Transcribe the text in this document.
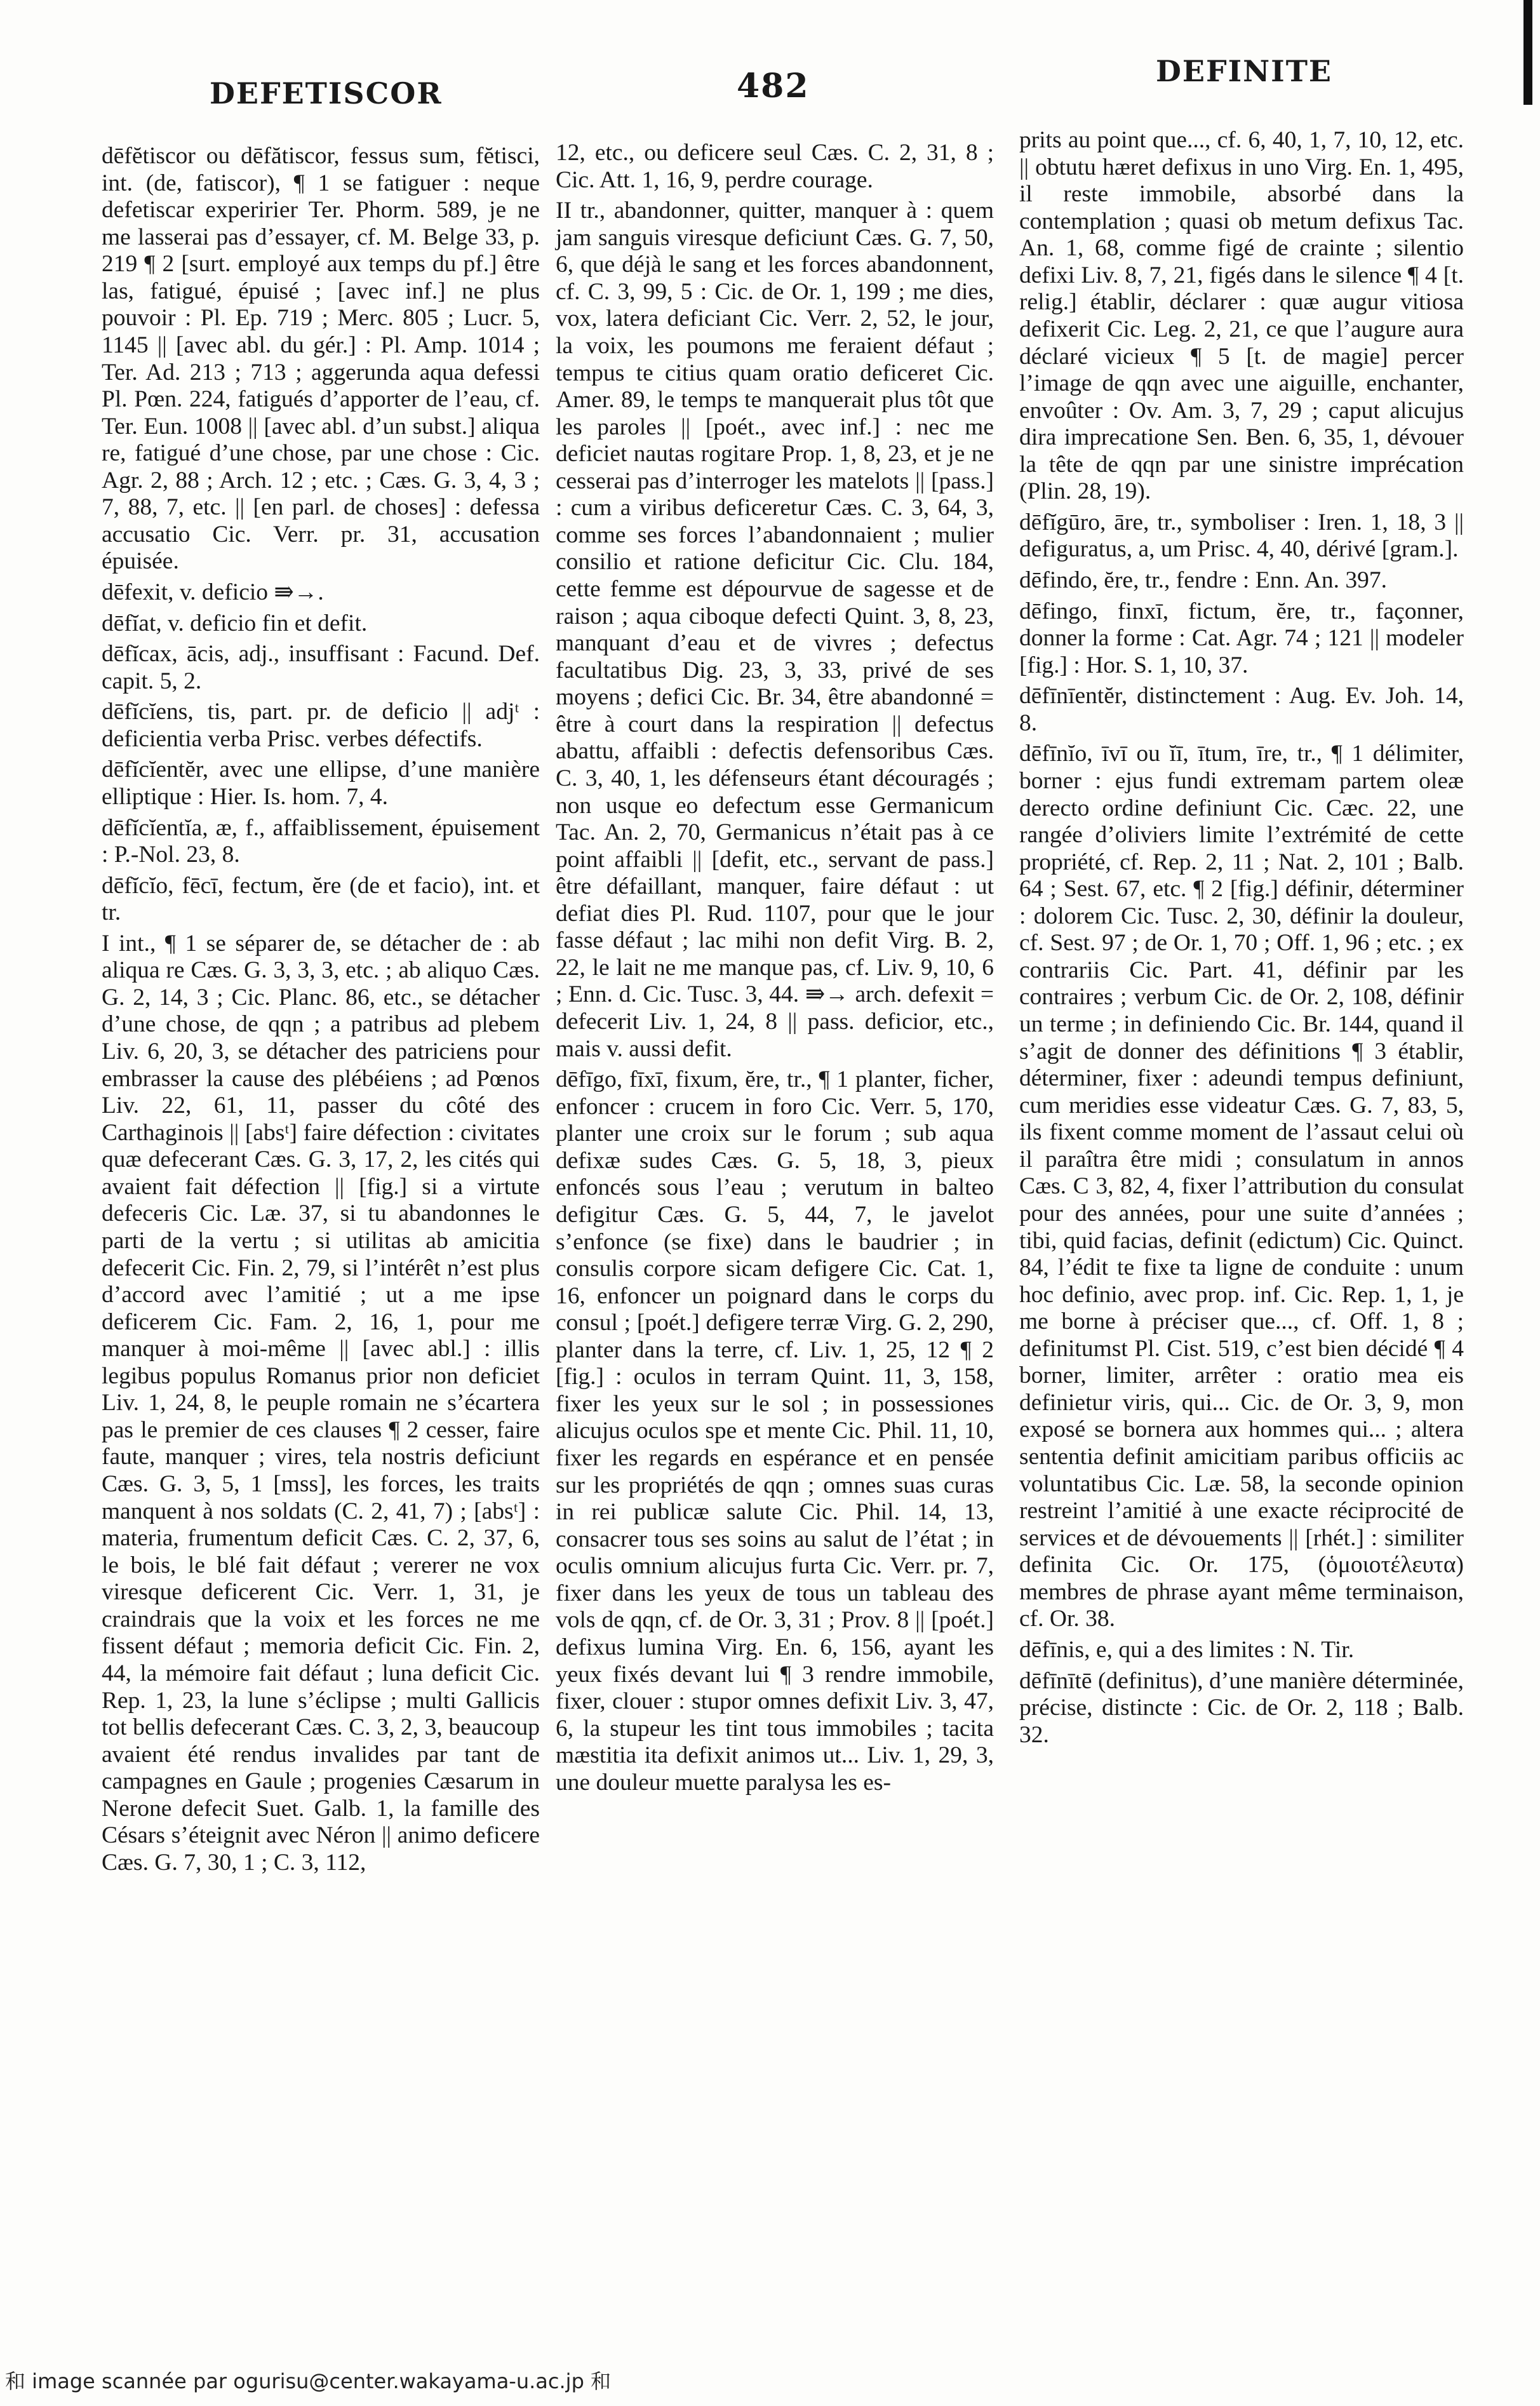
DEFETISCOR	482	DEFINITE

dēfĕtiscor ou dēfătiscor, fessus sum, fĕtisci, int. (de, fatiscor), ¶ 1 se fatiguer : neque defetiscar experirier Ter. Phorm. 589, je ne me lasserai pas d’essayer, cf. M. Belge 33, p. 219 ¶ 2 [surt. employé aux temps du pf.] être las, fatigué, épuisé ; [avec inf.] ne plus pouvoir : Pl. Ep. 719 ; Merc. 805 ; Lucr. 5, 1145 || [avec abl. du gér.] : Pl. Amp. 1014 ; Ter. Ad. 213 ; 713 ; aggerunda aqua defessi Pl. Pœn. 224, fatigués d’apporter de l’eau, cf. Ter. Eun. 1008 || [avec abl. d’un subst.] aliqua re, fatigué d’une chose, par une chose : Cic. Agr. 2, 88 ; Arch. 12 ; etc. ; Cæs. G. 3, 4, 3 ; 7, 88, 7, etc. || [en parl. de choses] : defessa accusatio Cic. Verr. pr. 31, accusation épuisée.

dēfexit, v. deficio ⇛→.

dēfĭat, v. deficio fin et defit.

dēfĭcax, ācis, adj., insuffisant : Facund. Def. capit. 5, 2.

dēfĭcĭens, tis, part. pr. de deficio || adjᵗ : deficientia verba Prisc. verbes défectifs.

dēfĭcĭentĕr, avec une ellipse, d’une manière elliptique : Hier. Is. hom. 7, 4.

dēfĭcĭentĭa, æ, f., affaiblissement, épuisement : P.-Nol. 23, 8.

dēfĭcĭo, fēcī, fectum, ĕre (de et facio), int. et tr.

I int., ¶ 1 se séparer de, se détacher de : ab aliqua re Cæs. G. 3, 3, 3, etc. ; ab aliquo Cæs. G. 2, 14, 3 ; Cic. Planc. 86, etc., se détacher d’une chose, de qqn ; a patribus ad plebem Liv. 6, 20, 3, se détacher des patriciens pour embrasser la cause des plébéiens ; ad Pœnos Liv. 22, 61, 11, passer du côté des Carthaginois || [absᵗ] faire défection : civitates quæ defecerant Cæs. G. 3, 17, 2, les cités qui avaient fait défection || [fig.] si a virtute defeceris Cic. Læ. 37, si tu abandonnes le parti de la vertu ; si utilitas ab amicitia defecerit Cic. Fin. 2, 79, si l’intérêt n’est plus d’accord avec l’amitié ; ut a me ipse deficerem Cic. Fam. 2, 16, 1, pour me manquer à moi-même || [avec abl.] : illis legibus populus Romanus prior non deficiet Liv. 1, 24, 8, le peuple romain ne s’écartera pas le premier de ces clauses ¶ 2 cesser, faire faute, manquer ; vires, tela nostris deficiunt Cæs. G. 3, 5, 1 [mss], les forces, les traits manquent à nos soldats (C. 2, 41, 7) ; [absᵗ] : materia, frumentum deficit Cæs. C. 2, 37, 6, le bois, le blé fait défaut ; vererer ne vox viresque deficerent Cic. Verr. 1, 31, je craindrais que la voix et les forces ne me fissent défaut ; memoria deficit Cic. Fin. 2, 44, la mémoire fait défaut ; luna deficit Cic. Rep. 1, 23, la lune s’éclipse ; multi Gallicis tot bellis defecerant Cæs. C. 3, 2, 3, beaucoup avaient été rendus invalides par tant de campagnes en Gaule ; progenies Cæsarum in Nerone defecit Suet. Galb. 1, la famille des Césars s’éteignit avec Néron || animo deficere Cæs. G. 7, 30, 1 ; C. 3, 112,

12, etc., ou deficere seul Cæs. C. 2, 31, 8 ; Cic. Att. 1, 16, 9, perdre courage.

II tr., abandonner, quitter, manquer à : quem jam sanguis viresque deficiunt Cæs. G. 7, 50, 6, que déjà le sang et les forces abandonnent, cf. C. 3, 99, 5 : Cic. de Or. 1, 199 ; me dies, vox, latera deficiant Cic. Verr. 2, 52, le jour, la voix, les poumons me feraient défaut ; tempus te citius quam oratio deficeret Cic. Amer. 89, le temps te manquerait plus tôt que les paroles || [poét., avec inf.] : nec me deficiet nautas rogitare Prop. 1, 8, 23, et je ne cesserai pas d’interroger les matelots || [pass.] : cum a viribus deficeretur Cæs. C. 3, 64, 3, comme ses forces l’abandonnaient ; mulier consilio et ratione deficitur Cic. Clu. 184, cette femme est dépourvue de sagesse et de raison ; aqua ciboque defecti Quint. 3, 8, 23, manquant d’eau et de vivres ; defectus facultatibus Dig. 23, 3, 33, privé de ses moyens ; defici Cic. Br. 34, être abandonné = être à court dans la respiration || defectus abattu, affaibli : defectis defensoribus Cæs. C. 3, 40, 1, les défenseurs étant découragés ; non usque eo defectum esse Germanicum Tac. An. 2, 70, Germanicus n’était pas à ce point affaibli || [defit, etc., servant de pass.] être défaillant, manquer, faire défaut : ut defiat dies Pl. Rud. 1107, pour que le jour fasse défaut ; lac mihi non defit Virg. B. 2, 22, le lait ne me manque pas, cf. Liv. 9, 10, 6 ; Enn. d. Cic. Tusc. 3, 44. ⇛→ arch. defexit = defecerit Liv. 1, 24, 8 || pass. deficior, etc., mais v. aussi defit.

dēfīgo, fīxī, fixum, ĕre, tr., ¶ 1 planter, ficher, enfoncer : crucem in foro Cic. Verr. 5, 170, planter une croix sur le forum ; sub aqua defixæ sudes Cæs. G. 5, 18, 3, pieux enfoncés sous l’eau ; verutum in balteo defigitur Cæs. G. 5, 44, 7, le javelot s’enfonce (se fixe) dans le baudrier ; in consulis corpore sicam defigere Cic. Cat. 1, 16, enfoncer un poignard dans le corps du consul ; [poét.] defigere terræ Virg. G. 2, 290, planter dans la terre, cf. Liv. 1, 25, 12 ¶ 2 [fig.] : oculos in terram Quint. 11, 3, 158, fixer les yeux sur le sol ; in possessiones alicujus oculos spe et mente Cic. Phil. 11, 10, fixer les regards en espérance et en pensée sur les propriétés de qqn ; omnes suas curas in rei publicæ salute Cic. Phil. 14, 13, consacrer tous ses soins au salut de l’état ; in oculis omnium alicujus furta Cic. Verr. pr. 7, fixer dans les yeux de tous un tableau des vols de qqn, cf. de Or. 3, 31 ; Prov. 8 || [poét.] defixus lumina Virg. En. 6, 156, ayant les yeux fixés devant lui ¶ 3 rendre immobile, fixer, clouer : stupor omnes defixit Liv. 3, 47, 6, la stupeur les tint tous immobiles ; tacita mæstitia ita defixit animos ut... Liv. 1, 29, 3, une douleur muette paralysa les es-

prits au point que..., cf. 6, 40, 1, 7, 10, 12, etc. || obtutu hæret defixus in uno Virg. En. 1, 495, il reste immobile, absorbé dans la contemplation ; quasi ob metum defixus Tac. An. 1, 68, comme figé de crainte ; silentio defixi Liv. 8, 7, 21, figés dans le silence ¶ 4 [t. relig.] établir, déclarer : quæ augur vitiosa defixerit Cic. Leg. 2, 21, ce que l’augure aura déclaré vicieux ¶ 5 [t. de magie] percer l’image de qqn avec une aiguille, enchanter, envoûter : Ov. Am. 3, 7, 29 ; caput alicujus dira imprecatione Sen. Ben. 6, 35, 1, dévouer la tête de qqn par une sinistre imprécation (Plin. 28, 19).

dēfĭgūro, āre, tr., symboliser : Iren. 1, 18, 3 || defiguratus, a, um Prisc. 4, 40, dérivé [gram.].

dēfindo, ĕre, tr., fendre : Enn. An. 397.

dēfingo, finxī, fictum, ĕre, tr., façonner, donner la forme : Cat. Agr. 74 ; 121 || modeler [fig.] : Hor. S. 1, 10, 37.

dēfīnīentĕr, distinctement : Aug. Ev. Joh. 14, 8.

dēfīnĭo, īvī ou ĭī, ītum, īre, tr., ¶ 1 délimiter, borner : ejus fundi extremam partem oleæ derecto ordine definiunt Cic. Cæc. 22, une rangée d’oliviers limite l’extrémité de cette propriété, cf. Rep. 2, 11 ; Nat. 2, 101 ; Balb. 64 ; Sest. 67, etc. ¶ 2 [fig.] définir, déterminer : dolorem Cic. Tusc. 2, 30, définir la douleur, cf. Sest. 97 ; de Or. 1, 70 ; Off. 1, 96 ; etc. ; ex contrariis Cic. Part. 41, définir par les contraires ; verbum Cic. de Or. 2, 108, définir un terme ; in definiendo Cic. Br. 144, quand il s’agit de donner des définitions ¶ 3 établir, déterminer, fixer : adeundi tempus definiunt, cum meridies esse videatur Cæs. G. 7, 83, 5, ils fixent comme moment de l’assaut celui où il paraîtra être midi ; consulatum in annos Cæs. C 3, 82, 4, fixer l’attribution du consulat pour des années, pour une suite d’années ; tibi, quid facias, definit (edictum) Cic. Quinct. 84, l’édit te fixe ta ligne de conduite : unum hoc definio, avec prop. inf. Cic. Rep. 1, 1, je me borne à préciser que..., cf. Off. 1, 8 ; definitumst Pl. Cist. 519, c’est bien décidé ¶ 4 borner, limiter, arrêter : oratio mea eis definietur viris, qui... Cic. de Or. 3, 9, mon exposé se bornera aux hommes qui... ; altera sententia definit amicitiam paribus officiis ac voluntatibus Cic. Læ. 58, la seconde opinion restreint l’amitié à une exacte réciprocité de services et de dévouements || [rhét.] : similiter definita Cic. Or. 175, (ὁμοιοτέλευτα) membres de phrase ayant même terminaison, cf. Or. 38.

dēfīnis, e, qui a des limites : N. Tir.

dēfīnītē (definitus), d’une manière déterminée, précise, distincte : Cic. de Or. 2, 118 ; Balb. 32.

和 image scannée par ogurisu@center.wakayama-u.ac.jp 和
